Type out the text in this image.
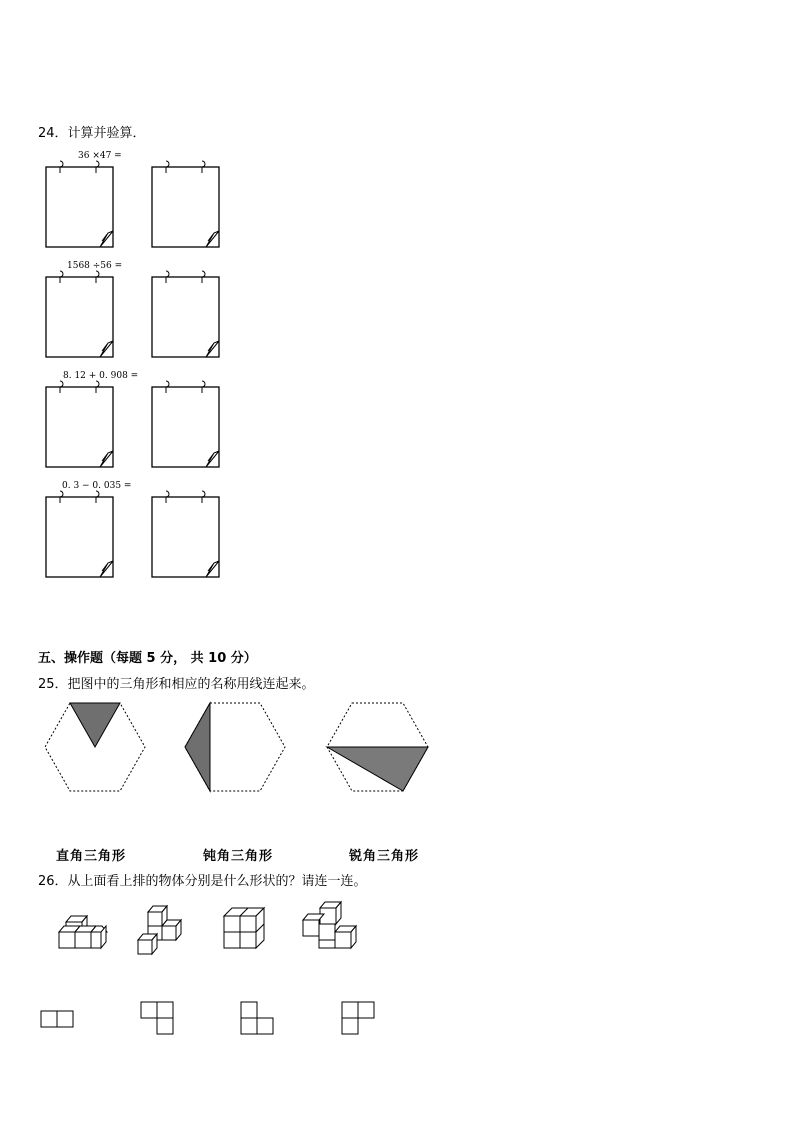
24．计算并验算．
36 ×47 =
1568 ÷56 =
8. 12 + 0. 908 =
0. 3 − 0. 035 =
五、操作题（每题 5 分， 共 10 分）
25．把图中的三角形和相应的名称用线连起来。
直角三角形	钝角三角形	锐角三角形
26．从上面看上排的物体分别是什么形状的？请连一连。
